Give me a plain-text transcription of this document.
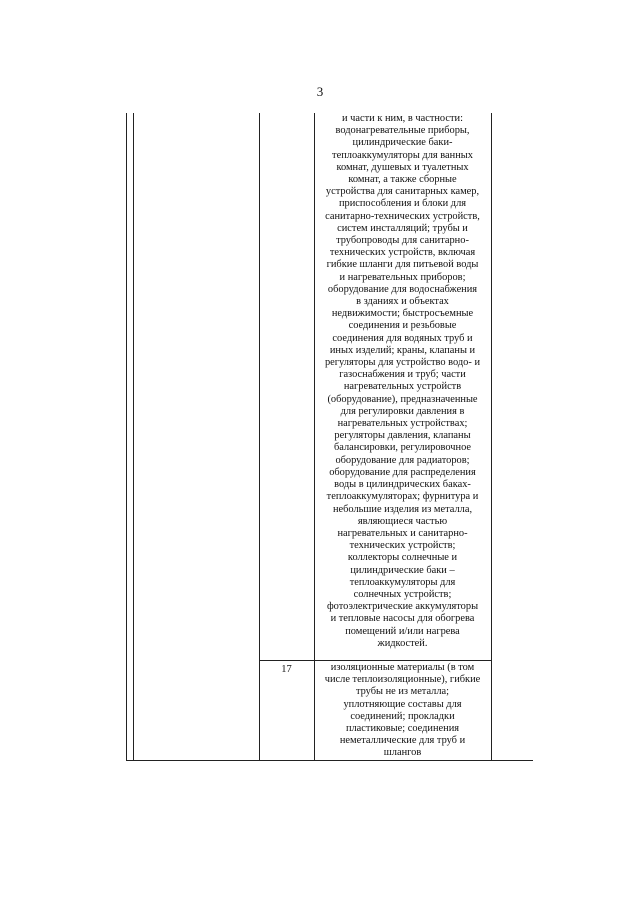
3
и части к ним, в частности:
водонагревательные приборы,
цилиндрические баки-
теплоаккумуляторы для ванных
комнат, душевых и туалетных
комнат, а также сборные
устройства для санитарных камер,
приспособления и блоки для
санитарно-технических устройств,
систем инсталляций; трубы и
трубопроводы для санитарно-
технических устройств, включая
гибкие шланги для питьевой воды
и нагревательных приборов;
оборудование для водоснабжения
в зданиях и объектах
недвижимости; быстросъемные
соединения и резьбовые
соединения для водяных труб и
иных изделий; краны, клапаны и
регуляторы для устройство водо- и
газоснабжения и труб; части
нагревательных устройств
(оборудование), предназначенные
для регулировки давления в
нагревательных устройствах;
регуляторы давления, клапаны
балансировки, регулировочное
оборудование для радиаторов;
оборудование для распределения
воды в цилиндрических баках-
теплоаккумуляторах; фурнитура и
небольшие изделия из металла,
являющиеся частью
нагревательных и санитарно-
технических устройств;
коллекторы солнечные и
цилиндрические баки –
теплоаккумуляторы для
солнечных устройств;
фотоэлектрические аккумуляторы
и тепловые насосы для обогрева
помещений и/или нагрева
жидкостей.
17	изоляционные материалы (в том
числе теплоизоляционные), гибкие
трубы не из металла;
уплотняющие составы для
соединений; прокладки
пластиковые; соединения
неметаллические для труб и
шлангов
